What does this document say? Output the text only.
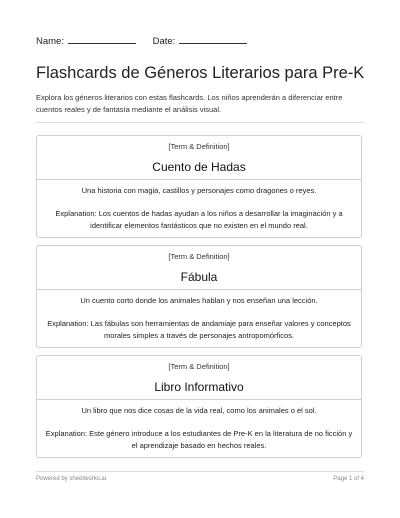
Name:	Date:
Flashcards de Géneros Literarios para Pre-K
Explora los géneros literarios con estas flashcards. Los niños aprenderán a diferenciar entre cuentos reales y de fantasía mediante el análisis visual.
[Term & Definition]
Cuento de Hadas
Una historia con magia, castillos y personajes como dragones o reyes.
Explanation: Los cuentos de hadas ayudan a los niños a desarrollar la imaginación y a identificar elementos fantásticos que no existen en el mundo real.
[Term & Definition]
Fábula
Un cuento corto donde los animales hablan y nos enseñan una lección.
Explanation: Las fábulas son herramientas de andamiaje para enseñar valores y conceptos morales simples a través de personajes antropomórficos.
[Term & Definition]
Libro Informativo
Un libro que nos dice cosas de la vida real, como los animales o el sol.
Explanation: Este género introduce a los estudiantes de Pre-K en la literatura de no ficción y el aprendizaje basado en hechos reales.
Powered by sheetworks.ai	Page 1 of 4
